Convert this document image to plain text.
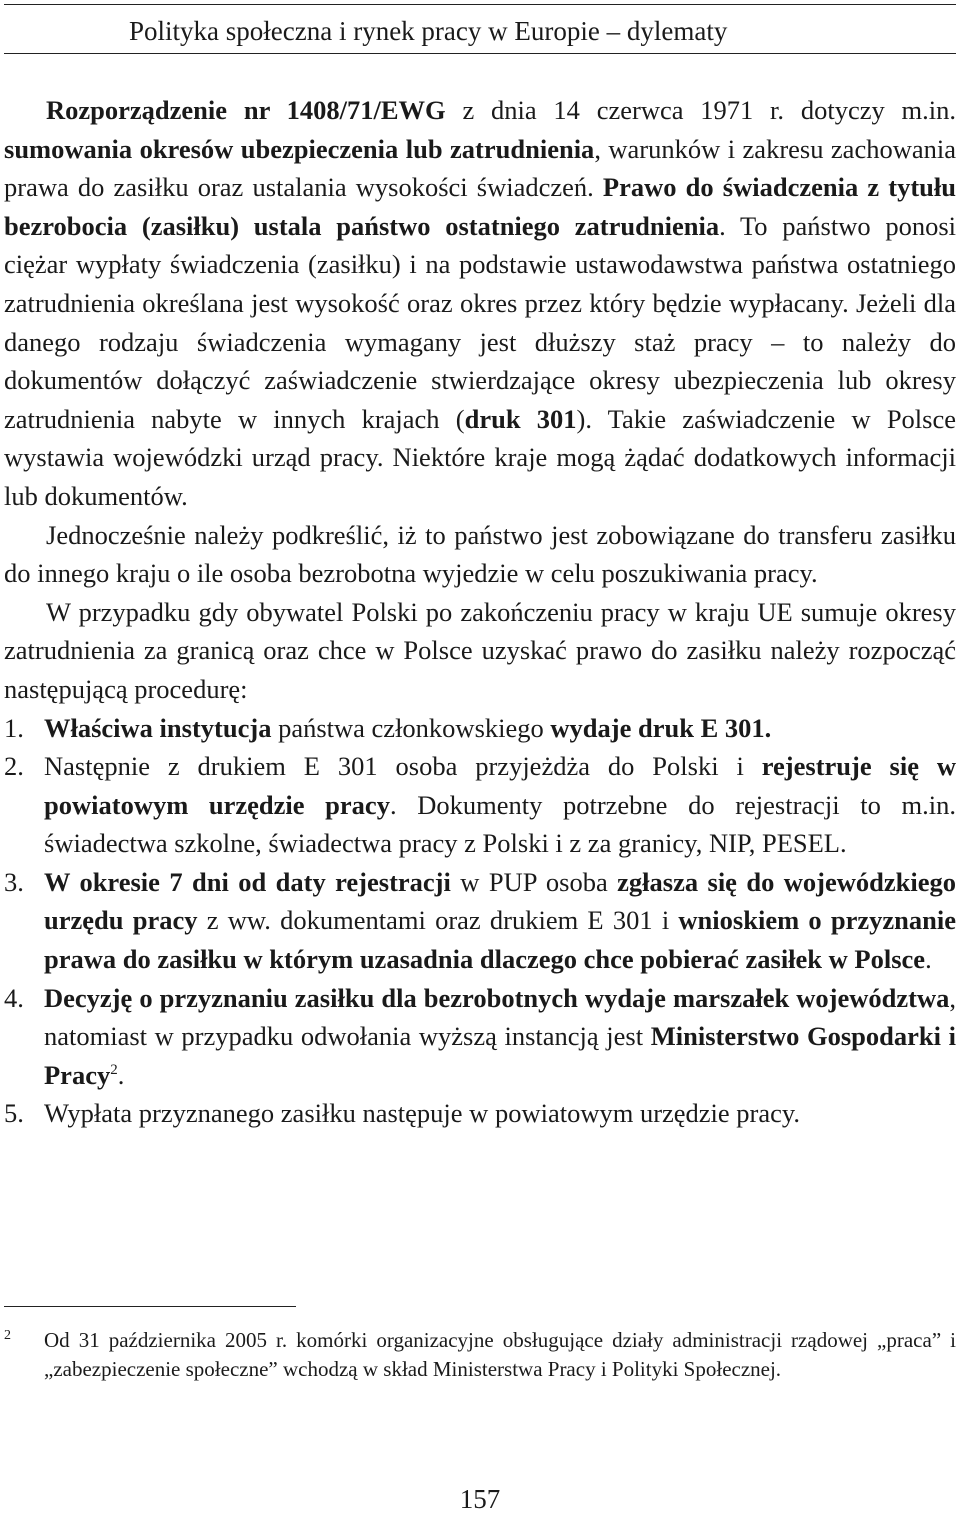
Polityka społeczna i rynek pracy w Europie – dylematy

Rozporządzenie nr 1408/71/EWG z dnia 14 czerwca 1971 r. dotyczy m.in. sumowania okresów ubezpieczenia lub zatrudnienia, warunków i zakresu zachowania prawa do zasiłku oraz ustalania wysokości świadczeń. Prawo do świadczenia z tytułu bezrobocia (zasiłku) ustala państwo ostatniego zatrudnienia. To państwo ponosi ciężar wypłaty świadczenia (zasiłku) i na podstawie ustawodawstwa państwa ostatniego zatrudnienia określana jest wysokość oraz okres przez który będzie wypłacany. Jeżeli dla danego rodzaju świadczenia wymagany jest dłuższy staż pracy – to należy do dokumentów dołączyć zaświadczenie stwierdzające okresy ubezpieczenia lub okresy zatrudnienia nabyte w innych krajach (druk 301). Takie zaświadczenie w Polsce wystawia wojewódzki urząd pracy. Niektóre kraje mogą żądać dodatkowych informacji lub dokumentów.

Jednocześnie należy podkreślić, iż to państwo jest zobowiązane do transferu zasiłku do innego kraju o ile osoba bezrobotna wyjedzie w celu poszukiwania pracy.

W przypadku gdy obywatel Polski po zakończeniu pracy w kraju UE sumuje okresy zatrudnienia za granicą oraz chce w Polsce uzyskać prawo do zasiłku należy rozpocząć następującą procedurę:

1. Właściwa instytucja państwa członkowskiego wydaje druk E 301.
2. Następnie z drukiem E 301 osoba przyjeżdża do Polski i rejestruje się w powiatowym urzędzie pracy. Dokumenty potrzebne do rejestracji to m.in. świadectwa szkolne, świadectwa pracy z Polski i z za granicy, NIP, PESEL.
3. W okresie 7 dni od daty rejestracji w PUP osoba zgłasza się do wojewódzkiego urzędu pracy z ww. dokumentami oraz drukiem E 301 i wnioskiem o przyznanie prawa do zasiłku w którym uzasadnia dlaczego chce pobierać zasiłek w Polsce.
4. Decyzję o przyznaniu zasiłku dla bezrobotnych wydaje marszałek województwa, natomiast w przypadku odwołania wyższą instancją jest Ministerstwo Gospodarki i Pracy$^2$.
5. Wypłata przyznanego zasiłku następuje w powiatowym urzędzie pracy.
2 Od 31 października 2005 r. komórki organizacyjne obsługujące działy administracji rządowej „praca” i „zabezpieczenie społeczne” wchodzą w skład Ministerstwa Pracy i Polityki Społecznej.
157
